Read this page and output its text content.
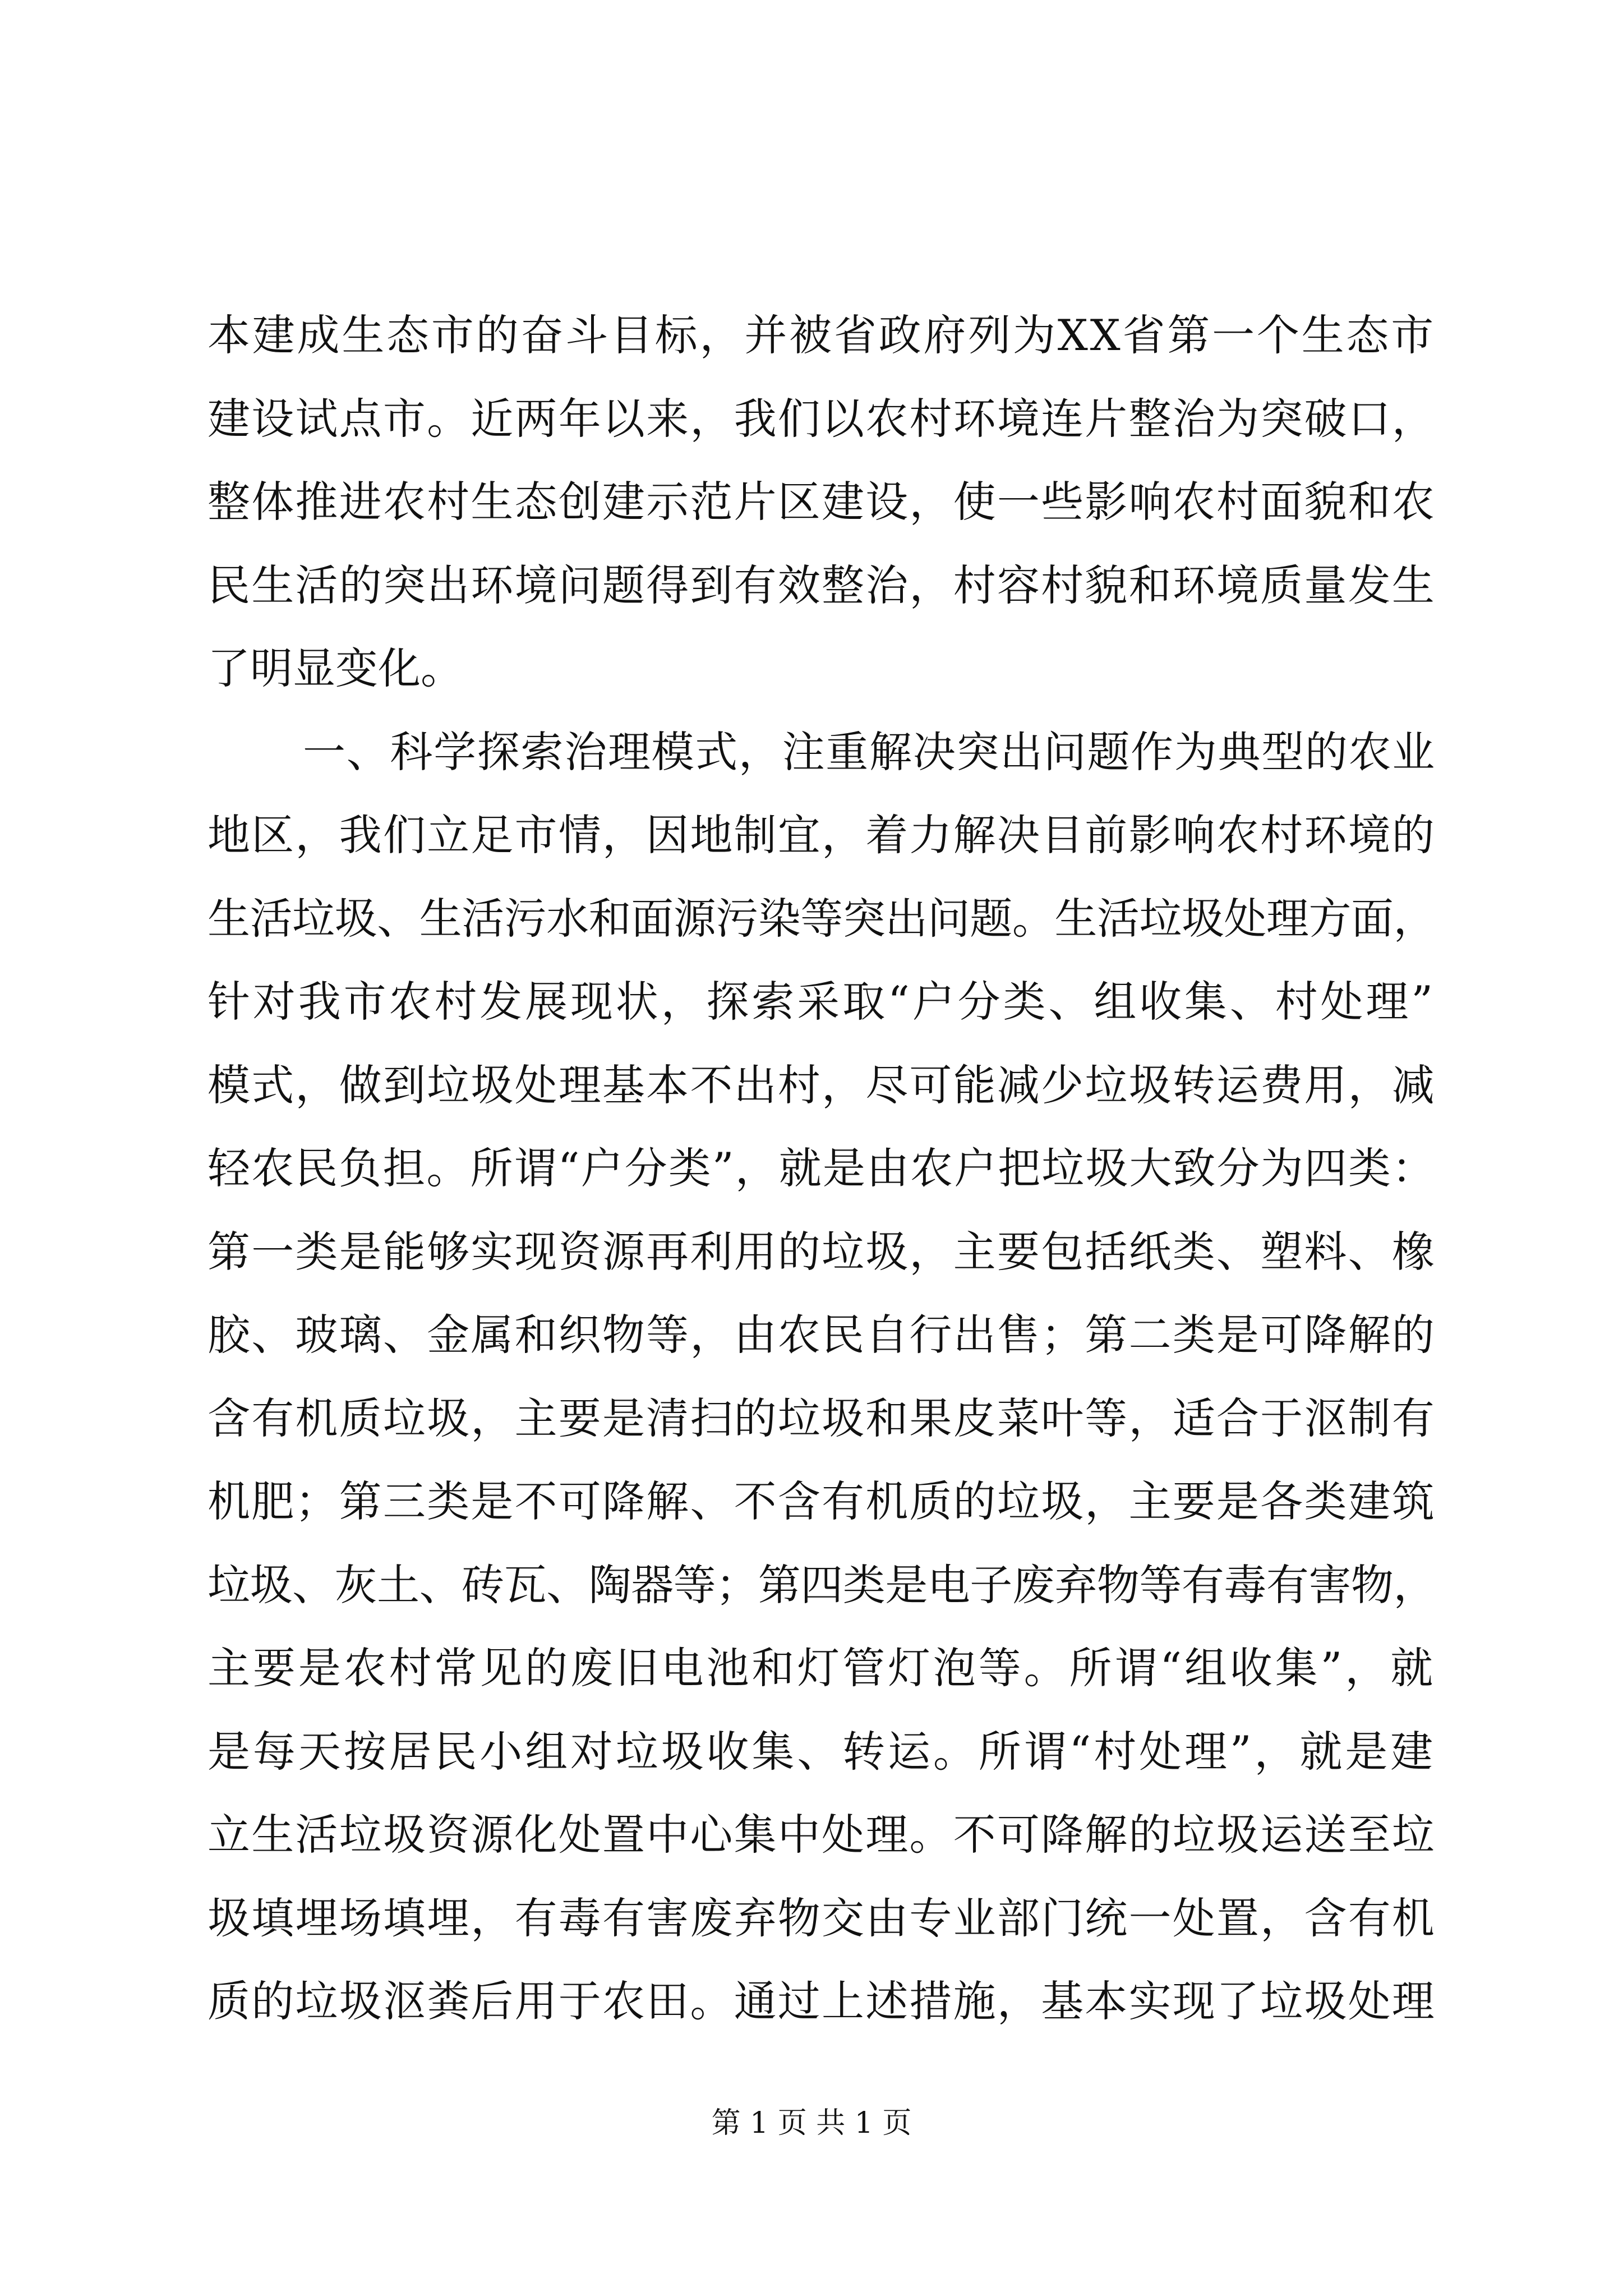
本建成生态市的奋斗目标，并被省政府列为XX省第一个生态市
建设试点市。近两年以来，我们以农村环境连片整治为突破口，
整体推进农村生态创建示范片区建设，使一些影响农村面貌和农
民生活的突出环境问题得到有效整治，村容村貌和环境质量发生
了明显变化。
一、科学探索治理模式，注重解决突出问题作为典型的农业
地区，我们立足市情，因地制宜，着力解决目前影响农村环境的
生活垃圾、生活污水和面源污染等突出问题。生活垃圾处理方面，
针对我市农村发展现状，探索采取“户分类、组收集、村处理”
模式，做到垃圾处理基本不出村，尽可能减少垃圾转运费用，减
轻农民负担。所谓“户分类”，就是由农户把垃圾大致分为四类：
第一类是能够实现资源再利用的垃圾，主要包括纸类、塑料、橡
胶、玻璃、金属和织物等，由农民自行出售；第二类是可降解的
含有机质垃圾，主要是清扫的垃圾和果皮菜叶等，适合于沤制有
机肥；第三类是不可降解、不含有机质的垃圾，主要是各类建筑
垃圾、灰土、砖瓦、陶器等；第四类是电子废弃物等有毒有害物，
主要是农村常见的废旧电池和灯管灯泡等。所谓“组收集”，就
是每天按居民小组对垃圾收集、转运。所谓“村处理”，就是建
立生活垃圾资源化处置中心集中处理。不可降解的垃圾运送至垃
圾填埋场填埋，有毒有害废弃物交由专业部门统一处置，含有机
质的垃圾沤粪后用于农田。通过上述措施，基本实现了垃圾处理
第 1 页 共 1 页
